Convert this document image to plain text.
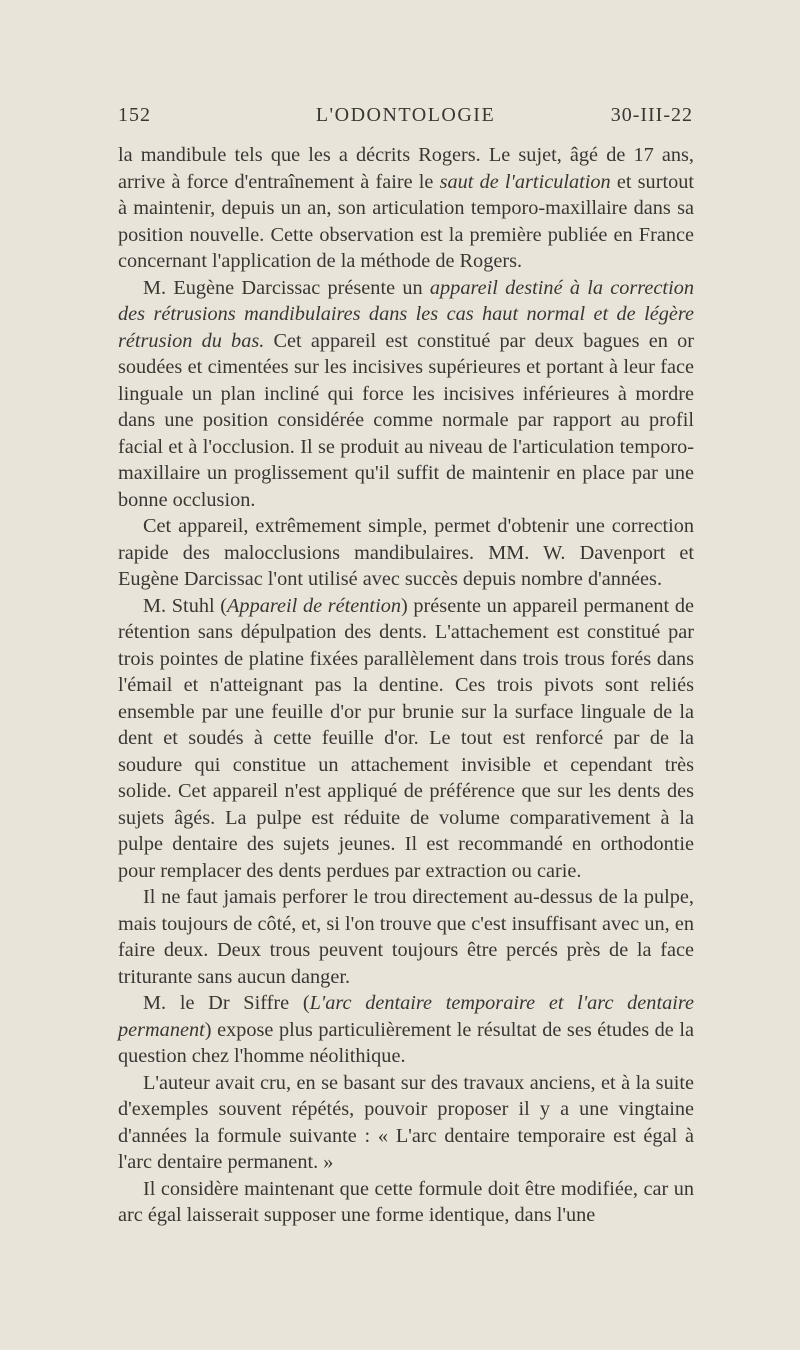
152	L'ODONTOLOGIE	30-III-22

la mandibule tels que les a décrits Rogers. Le sujet, âgé de 17 ans, arrive à force d'entraînement à faire le saut de l'articulation et surtout à maintenir, depuis un an, son articulation temporo-maxillaire dans sa position nouvelle. Cette observation est la première publiée en France concernant l'application de la méthode de Rogers.

M. Eugène Darcissac présente un appareil destiné à la correction des rétrusions mandibulaires dans les cas haut normal et de légère rétrusion du bas. Cet appareil est constitué par deux bagues en or soudées et cimentées sur les incisives supérieures et portant à leur face linguale un plan incliné qui force les incisives inférieures à mordre dans une position considérée comme normale par rapport au profil facial et à l'occlusion. Il se produit au niveau de l'articulation temporo-maxillaire un proglissement qu'il suffit de maintenir en place par une bonne occlusion.

Cet appareil, extrêmement simple, permet d'obtenir une correction rapide des malocclusions mandibulaires. MM. W. Davenport et Eugène Darcissac l'ont utilisé avec succès depuis nombre d'années.

M. Stuhl (Appareil de rétention) présente un appareil permanent de rétention sans dépulpation des dents. L'attachement est constitué par trois pointes de platine fixées parallèlement dans trois trous forés dans l'émail et n'atteignant pas la dentine. Ces trois pivots sont reliés ensemble par une feuille d'or pur brunie sur la surface linguale de la dent et soudés à cette feuille d'or. Le tout est renforcé par de la soudure qui constitue un attachement invisible et cependant très solide. Cet appareil n'est appliqué de préférence que sur les dents des sujets âgés. La pulpe est réduite de volume comparativement à la pulpe dentaire des sujets jeunes. Il est recommandé en orthodontie pour remplacer des dents perdues par extraction ou carie.

Il ne faut jamais perforer le trou directement au-dessus de la pulpe, mais toujours de côté, et, si l'on trouve que c'est insuffisant avec un, en faire deux. Deux trous peuvent toujours être percés près de la face triturante sans aucun danger.

M. le Dr Siffre (L'arc dentaire temporaire et l'arc dentaire permanent) expose plus particulièrement le résultat de ses études de la question chez l'homme néolithique.

L'auteur avait cru, en se basant sur des travaux anciens, et à la suite d'exemples souvent répétés, pouvoir proposer il y a une vingtaine d'années la formule suivante : « L'arc dentaire temporaire est égal à l'arc dentaire permanent. »

Il considère maintenant que cette formule doit être modifiée, car un arc égal laisserait supposer une forme identique, dans l'une
